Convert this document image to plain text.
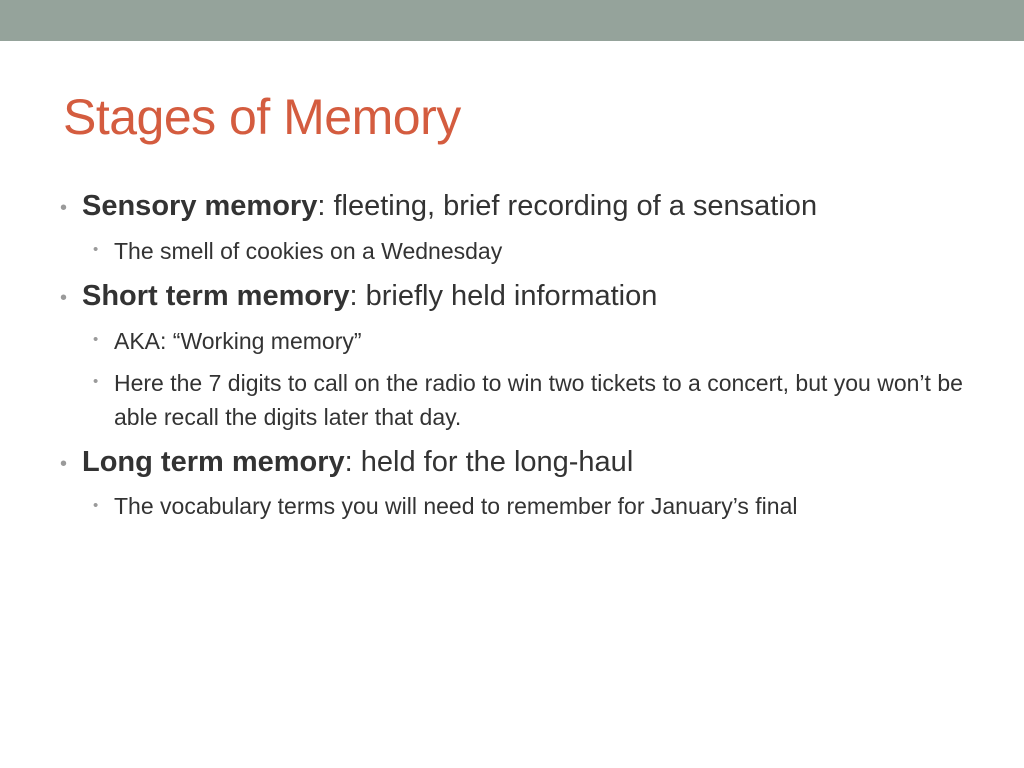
Stages of Memory
• Sensory memory: fleeting, brief recording of a sensation
• The smell of cookies on a Wednesday
• Short term memory: briefly held information
• AKA: “Working memory”
• Here the 7 digits to call on the radio to win two tickets to a concert, but you won’t be able recall the digits later that day.
• Long term memory: held for the long-haul
• The vocabulary terms you will need to remember for January’s final
